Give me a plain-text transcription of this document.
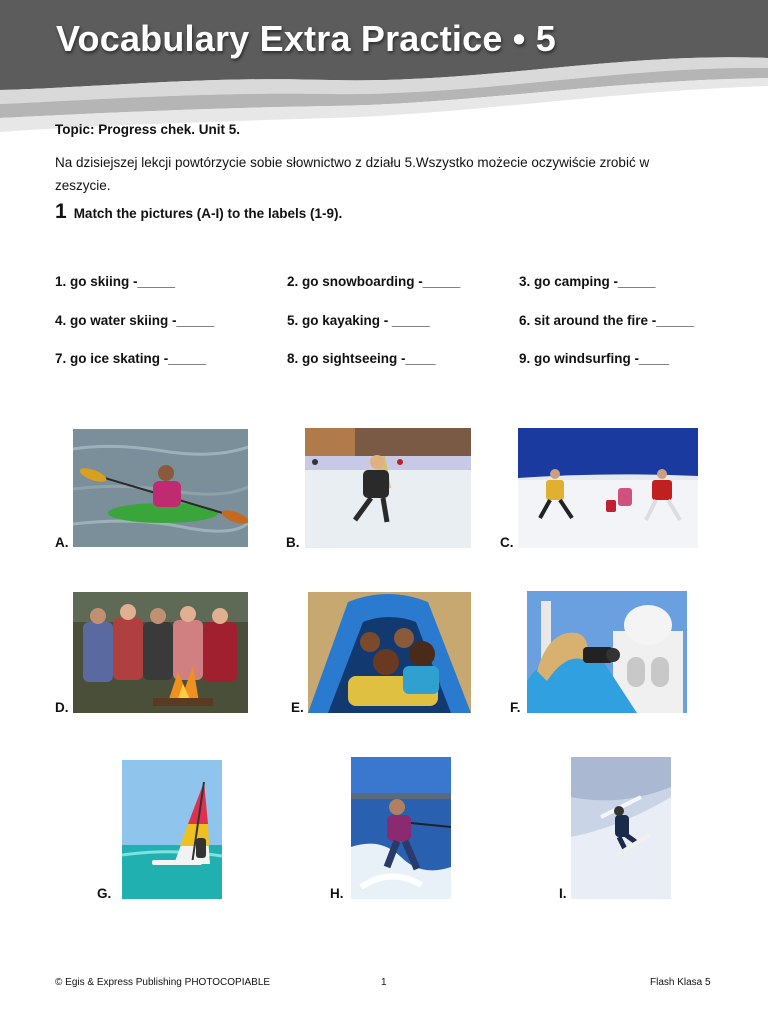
Vocabulary Extra Practice • 5
Topic: Progress chek. Unit 5.
Na dzisiejszej lekcji powtórzycie sobie słownictwo z działu 5.Wszystko możecie oczywiście zrobić w zeszycie.
1 Match the pictures (A-I) to the labels (1-9).
1. go skiing -_____	2. go snowboarding -_____	3. go camping -_____
4. go water skiing -_____	5. go kayaking - _____	6. sit around the fire -_____
7. go ice skating -_____	8. go sightseeing -____	9. go windsurfing -____
A.	B.	C.
D.	E.	F.
G.	H.	I.
© Egis & Express Publishing PHOTOCOPIABLE	1	Flash Klasa 5
